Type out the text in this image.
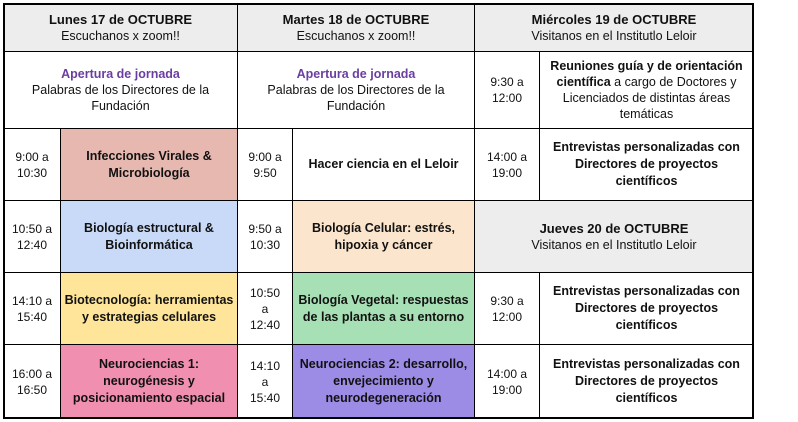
Lunes 17 de OCTUBRE
Escuchanos x zoom!!
Martes 18 de OCTUBRE
Escuchanos x zoom!!
Miércoles 19 de OCTUBRE
Visitanos en el Institutlo Leloir
Apertura de jornada
Palabras de los Directores de la Fundación
Apertura de jornada
Palabras de los Directores de la Fundación
9:30 a 12:00
Reuniones guía y de orientación científica a cargo de Doctores y Licenciados de distintas áreas temáticas
9:00 a 10:30
Infecciones Virales & Microbiología
9:00 a 9:50
Hacer ciencia en el Leloir
14:00 a 19:00
Entrevistas personalizadas con Directores de proyectos científicos
10:50 a 12:40
Biología estructural & Bioinformática
9:50 a 10:30
Biología Celular: estrés, hipoxia y cáncer
Jueves 20 de OCTUBRE
Visitanos en el Institutlo Leloir
14:10 a 15:40
Biotecnología: herramientas y estrategias celulares
10:50 a 12:40
Biología Vegetal: respuestas de las plantas a su entorno
9:30 a 12:00
Entrevistas personalizadas con Directores de proyectos científicos
16:00 a 16:50
Neurociencias 1: neurogénesis y posicionamiento espacial
14:10 a 15:40
Neurociencias 2: desarrollo, envejecimiento y neurodegeneración
14:00 a 19:00
Entrevistas personalizadas con Directores de proyectos científicos
